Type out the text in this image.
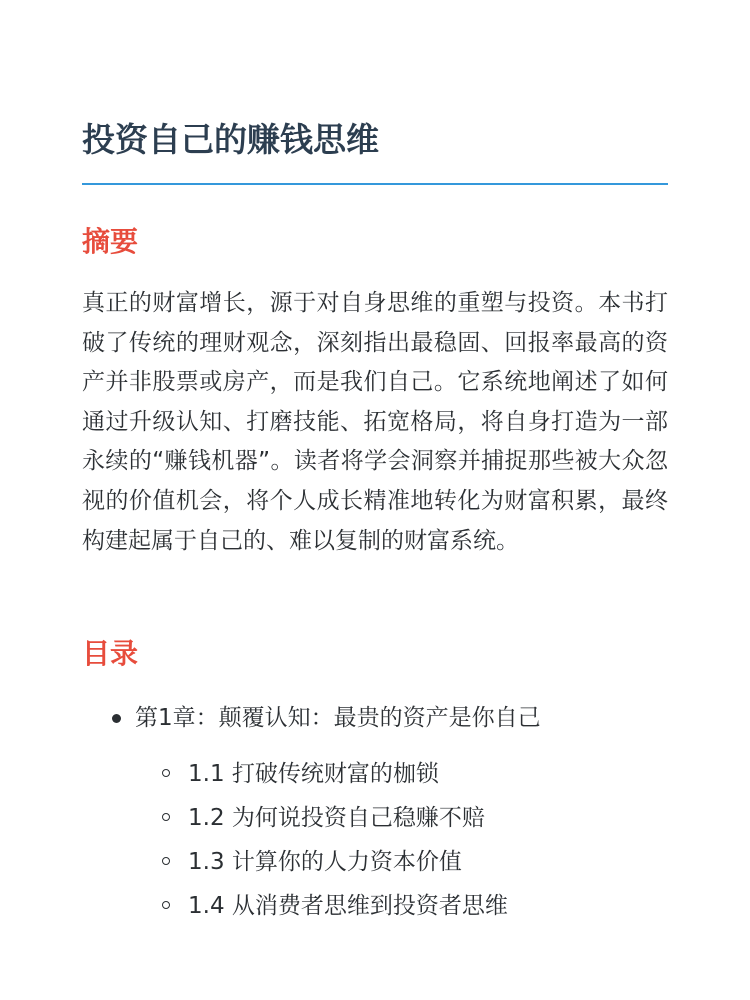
投资自己的赚钱思维
摘要

真正的财富增长，源于对自身思维的重塑与投资。本书打破了传统的理财观念，深刻指出最稳固、回报率最高的资产并非股票或房产，而是我们自己。它系统地阐述了如何通过升级认知、打磨技能、拓宽格局，将自身打造为一部永续的“赚钱机器”。读者将学会洞察并捕捉那些被大众忽视的价值机会，将个人成长精准地转化为财富积累，最终构建起属于自己的、难以复制的财富系统。

目录
第1章：颠覆认知：最贵的资产是你自己
1.1 打破传统财富的枷锁
1.2 为何说投资自己稳赚不赔
1.3 计算你的人力资本价值
1.4 从消费者思维到投资者思维
